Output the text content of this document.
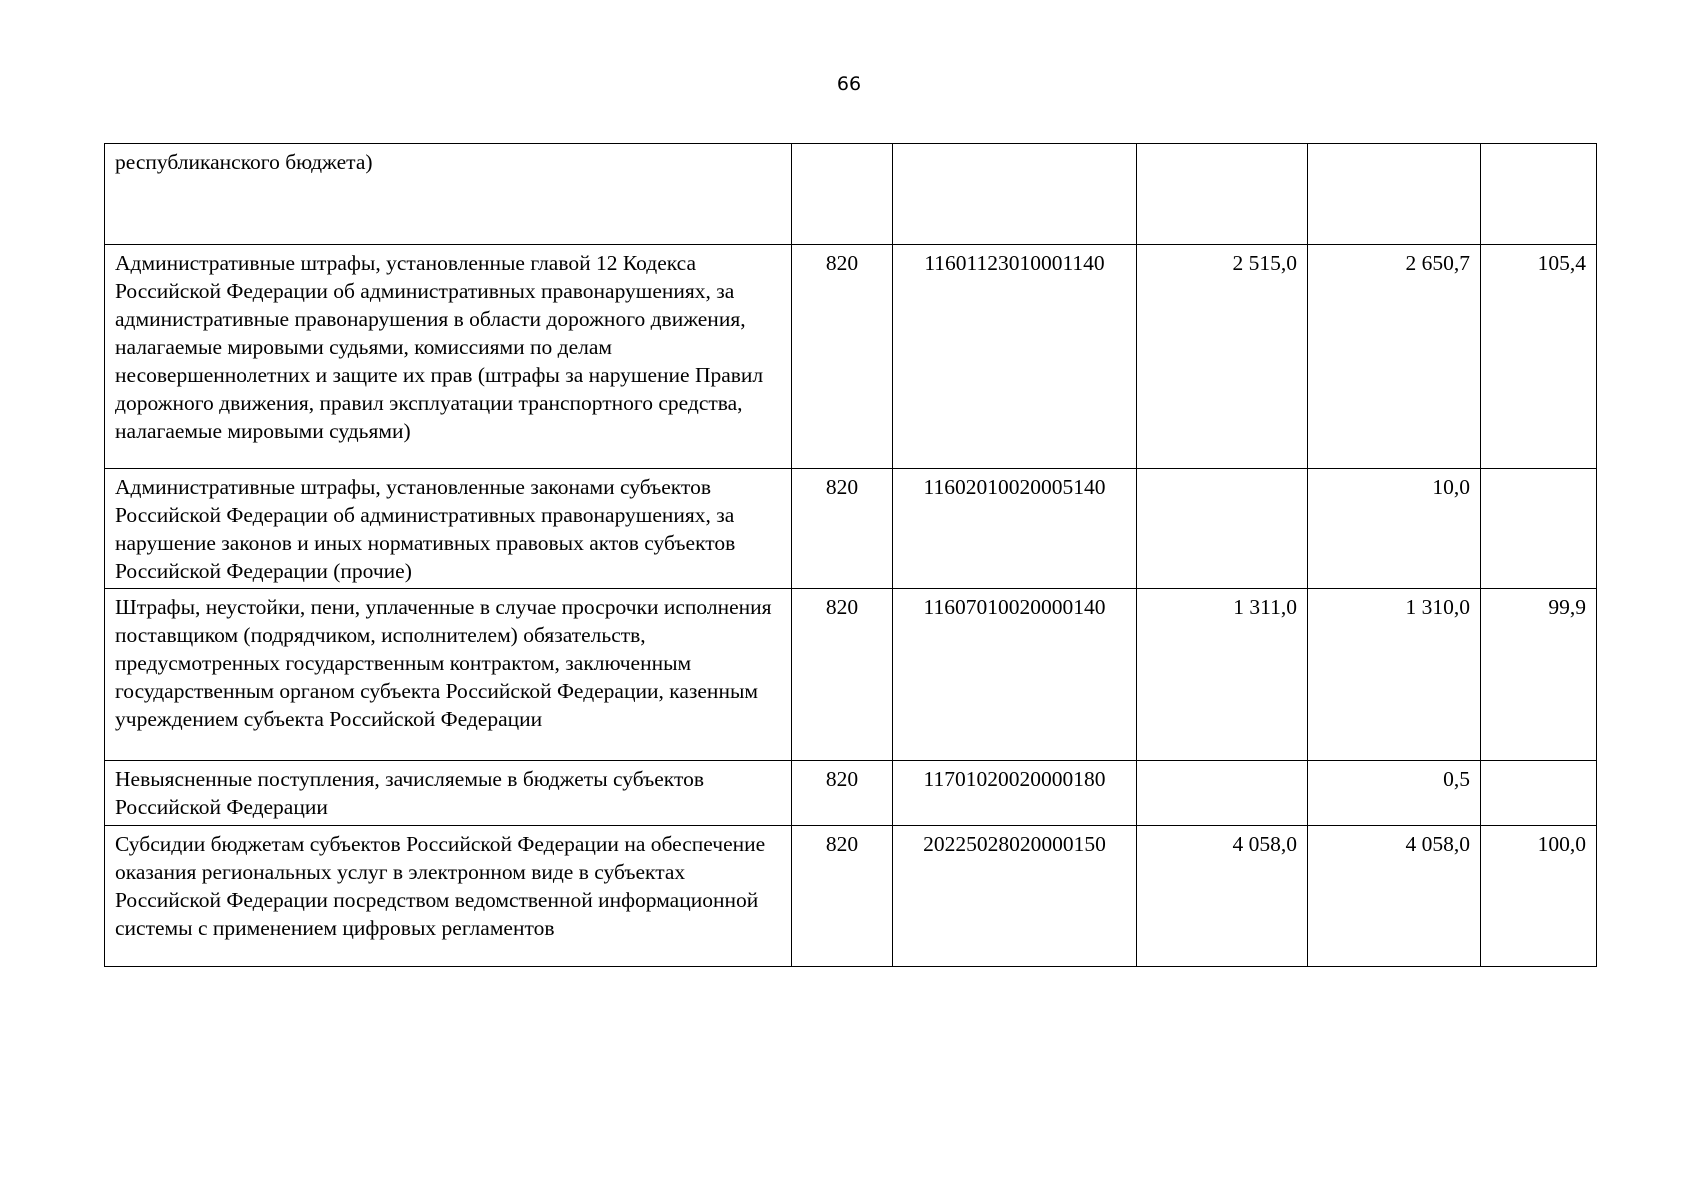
66
республиканского бюджета)					
Административные штрафы, установленные главой 12 Кодекса Российской Федерации об административных правонарушениях, за административные правонарушения в области дорожного движения, налагаемые мировыми судьями, комиссиями по делам несовершеннолетних и защите их прав (штрафы за нарушение Правил дорожного движения, правил эксплуатации транспортного средства, налагаемые мировыми судьями)	820	11601123010001140	2 515,0	2 650,7	105,4
Административные штрафы, установленные законами субъектов Российской Федерации об административных правонарушениях, за нарушение законов и иных нормативных правовых актов субъектов Российской Федерации (прочие)	820	11602010020005140		10,0	
Штрафы, неустойки, пени, уплаченные в случае просрочки исполнения поставщиком (подрядчиком, исполнителем) обязательств, предусмотренных государственным контрактом, заключенным государственным органом субъекта Российской Федерации, казенным учреждением субъекта Российской Федерации	820	11607010020000140	1 311,0	1 310,0	99,9
Невыясненные поступления, зачисляемые в бюджеты субъектов Российской Федерации	820	11701020020000180		0,5	
Субсидии бюджетам субъектов Российской Федерации на обеспечение оказания региональных услуг в электронном виде в субъектах Российской Федерации посредством ведомственной информационной системы с применением цифровых регламентов	820	20225028020000150	4 058,0	4 058,0	100,0
